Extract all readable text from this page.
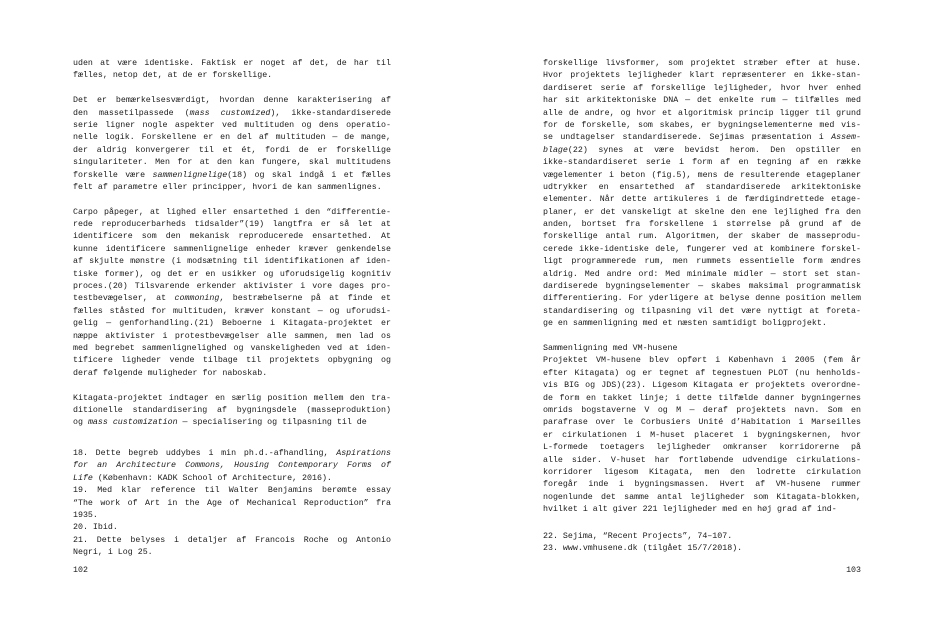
uden at være identiske. Faktisk er noget af det, de har til
fælles, netop det, at de er forskellige.
Det er bemærkelsesværdigt, hvordan denne karakterisering af
den massetilpassede (mass customized), ikke-standardiserede
serie ligner nogle aspekter ved multituden og dens operatio-
nelle logik. Forskellene er en del af multituden — de mange,
der aldrig konvergerer til et ét, fordi de er forskellige
singulariteter. Men for at den kan fungere, skal multitudens
forskelle være sammenlignelige(18) og skal indgå i et fælles
felt af parametre eller principper, hvori de kan sammenlignes.
Carpo påpeger, at lighed eller ensartethed i den “differentie-
rede reproducerbarheds tidsalder”(19) langtfra er så let at
identificere som den mekanisk reproducerede ensartethed. At
kunne identificere sammenlignelige enheder kræver genkendelse
af skjulte mønstre (i modsætning til identifikationen af iden-
tiske former), og det er en usikker og uforudsigelig kognitiv
proces.(20) Tilsvarende erkender aktivister i vore dages pro-
testbevægelser, at commoning, bestræbelserne på at finde et
fælles ståsted for multituden, kræver konstant — og uforudsi-
gelig — genforhandling.(21) Beboerne i Kitagata-projektet er
næppe aktivister i protestbevægelser alle sammen, men lad os
med begrebet sammenlignelighed og vanskeligheden ved at iden-
tificere ligheder vende tilbage til projektets opbygning og
deraf følgende muligheder for naboskab.
Kitagata-projektet indtager en særlig position mellem den tra-
ditionelle standardisering af bygningsdele (masseproduktion)
og mass customization — specialisering og tilpasning til de
forskellige livsformer, som projektet stræber efter at huse.
Hvor projektets lejligheder klart repræsenterer en ikke-stan-
dardiseret serie af forskellige lejligheder, hvor hver enhed
har sit arkitektoniske DNA — det enkelte rum — tilfælles med
alle de andre, og hvor et algoritmisk princip ligger til grund
for de forskelle, som skabes, er bygningselementerne med vis-
se undtagelser standardiserede. Sejimas præsentation i Assem-
blage(22) synes at være bevidst herom. Den opstiller en
ikke-standardiseret serie i form af en tegning af en række
vægelementer i beton (fig.5), mens de resulterende etageplaner
udtrykker en ensartethed af standardiserede arkitektoniske
elementer. Når dette artikuleres i de færdigindrettede etage-
planer, er det vanskeligt at skelne den ene lejlighed fra den
anden, bortset fra forskellene i størrelse på grund af de
forskellige antal rum. Algoritmen, der skaber de masseprodu-
cerede ikke-identiske dele, fungerer ved at kombinere forskel-
ligt programmerede rum, men rummets essentielle form ændres
aldrig. Med andre ord: Med minimale midler — stort set stan-
dardiserede bygningselementer — skabes maksimal programmatisk
differentiering. For yderligere at belyse denne position mellem
standardisering og tilpasning vil det være nyttigt at foreta-
ge en sammenligning med et næsten samtidigt boligprojekt.
Sammenligning med VM-husene
Projektet VM-husene blev opført i København i 2005 (fem år
efter Kitagata) og er tegnet af tegnestuen PLOT (nu henholds-
vis BIG og JDS)(23). Ligesom Kitagata er projektets overordne-
de form en takket linje; i dette tilfælde danner bygningernes
omrids bogstaverne V og M — deraf projektets navn. Som en
parafrase over le Corbusiers Unité d’Habitation i Marseilles
er cirkulationen i M-huset placeret i bygningskernen, hvor
L-formede toetagers lejligheder omkranser korridorerne på
alle sider. V-huset har fortløbende udvendige cirkulations-
korridorer ligesom Kitagata, men den lodrette cirkulation
foregår inde i bygningsmassen. Hvert af VM-husene rummer
nogenlunde det samme antal lejligheder som Kitagata-blokken,
hvilket i alt giver 221 lejligheder med en høj grad af ind-
18. Dette begreb uddybes i min ph.d.-afhandling, Aspirations
for an Architecture Commons, Housing Contemporary Forms of
Life (København: KADK School of Architecture, 2016).
19. Med klar reference til Walter Benjamins berømte essay
“The work of Art in the Age of Mechanical Reproduction” fra
1935.
20. Ibid.
21. Dette belyses i detaljer af Francois Roche og Antonio
Negri, i Log 25.
22. Sejima, “Recent Projects”, 74–107.
23. www.vmhusene.dk (tilgået 15/7/2018).
102	103
